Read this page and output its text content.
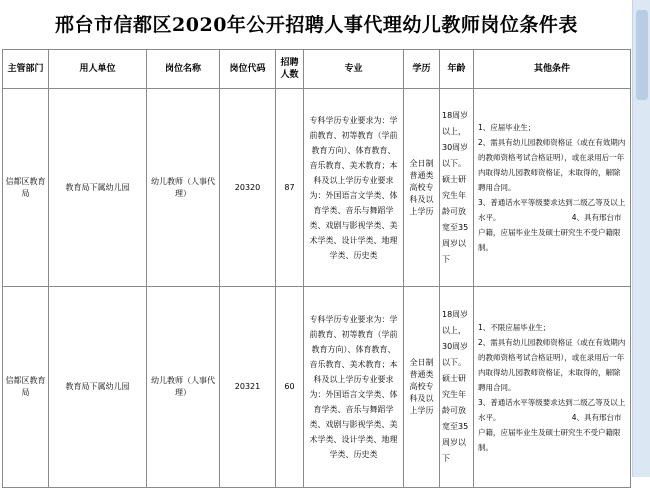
邢台市信都区2020年公开招聘人事代理幼儿教师岗位条件表
主管部门	用人单位	岗位名称	岗位代码	招聘人数	专业	学历	年龄	其他条件
信都区教育局	教育局下属幼儿园	幼儿教师（人事代理）	20320	87	专科学历专业要求为：学前教育、初等教育（学前教育方向）、体育教育、音乐教育、美术教育；本科及以上学历专业要求为：外国语言文学类、体育学类、音乐与舞蹈学类、戏剧与影视学类、美术学类、设计学类、地理学类、历史类	全日制普通类高校专科及以上学历	18周岁以上，30周岁以下。硕士研究生年龄可放宽至35周岁以下	1、应届毕业生；
2、需具有幼儿园教师资格证（或在有效期内的教师资格考试合格证明），或在录用后一年内取得幼儿园教师资格证，未取得的，解除聘用合同。
3、普通话水平等级要求达到二级乙等及以上水平。　　　　　　　　　　4、具有邢台市户籍，应届毕业生及硕士研究生不受户籍限制。

信都区教育局	教育局下属幼儿园	幼儿教师（人事代理）	20321	60	专科学历专业要求为：学前教育、初等教育（学前教育方向）、体育教育、音乐教育、美术教育；本科及以上学历专业要求为：外国语言文学类、体育学类、音乐与舞蹈学类、戏剧与影视学类、美术学类、设计学类、地理学类、历史类	全日制普通类高校专科及以上学历	18周岁以上，30周岁以下。硕士研究生年龄可放宽至35周岁以下	1、不限应届毕业生；
2、需具有幼儿园教师资格证（或在有效期内的教师资格考试合格证明），或在录用后一年内取得幼儿园教师资格证，未取得的，解除聘用合同。
3、普通话水平等级要求达到二级乙等及以上水平。　　　　　　　　　　4、具有邢台市户籍，应届毕业生及硕士研究生不受户籍限制。
